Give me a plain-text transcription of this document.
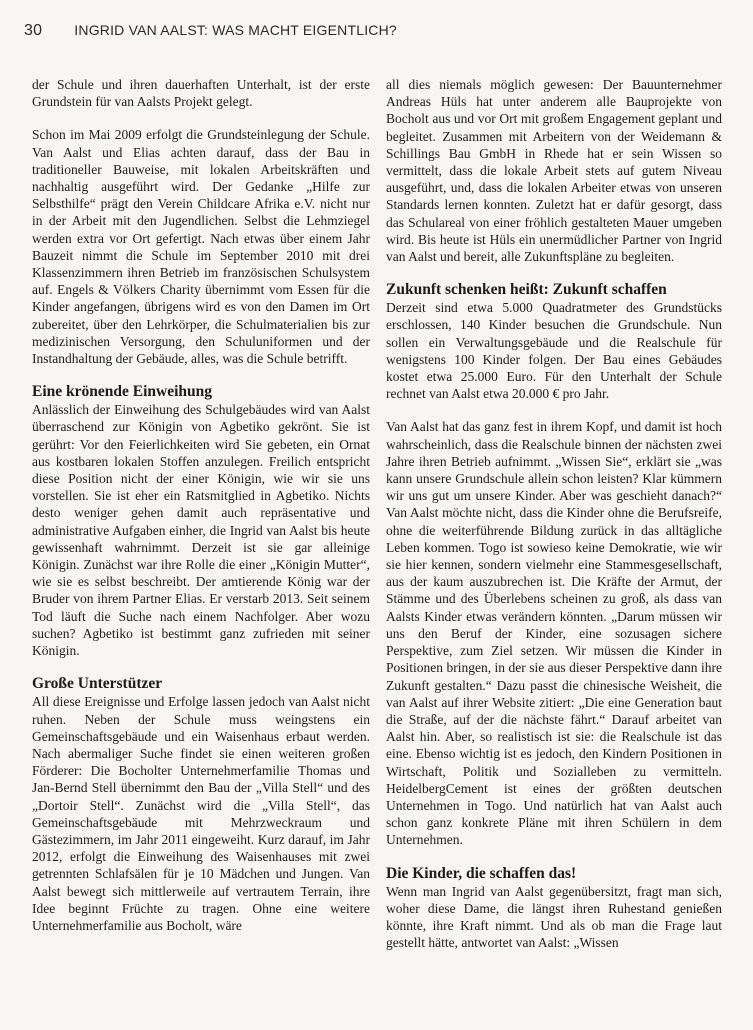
30 INGRID VAN AALST: WAS MACHT EIGENTLICH?

der Schule und ihren dauerhaften Unterhalt, ist der erste Grundstein für van Aalsts Projekt gelegt.

Schon im Mai 2009 erfolgt die Grundsteinlegung der Schule. Van Aalst und Elias achten darauf, dass der Bau in traditioneller Bauweise, mit lokalen Arbeitskräften und nachhaltig ausgeführt wird. Der Gedanke „Hilfe zur Selbsthilfe“ prägt den Verein Childcare Afrika e.V. nicht nur in der Arbeit mit den Jugendlichen. Selbst die Lehmziegel werden extra vor Ort gefertigt. Nach etwas über einem Jahr Bauzeit nimmt die Schule im September 2010 mit drei Klassenzimmern ihren Betrieb im französischen Schulsystem auf. Engels & Völkers Charity übernimmt vom Essen für die Kinder angefangen, übrigens wird es von den Damen im Ort zubereitet, über den Lehrkörper, die Schulmaterialien bis zur medizinischen Versorgung, den Schuluniformen und der Instandhaltung der Gebäude, alles, was die Schule betrifft.

Eine krönende Einweihung

Anlässlich der Einweihung des Schulgebäudes wird van Aalst überraschend zur Königin von Agbetiko gekrönt. Sie ist gerührt: Vor den Feierlichkeiten wird Sie gebeten, ein Ornat aus kostbaren lokalen Stoffen anzulegen. Freilich entspricht diese Position nicht der einer Königin, wie wir sie uns vorstellen. Sie ist eher ein Ratsmitglied in Agbetiko. Nichts desto weniger gehen damit auch repräsentative und administrative Aufgaben einher, die Ingrid van Aalst bis heute gewissenhaft wahrnimmt. Derzeit ist sie gar alleinige Königin. Zunächst war ihre Rolle die einer „Königin Mutter“, wie sie es selbst beschreibt. Der amtierende König war der Bruder von ihrem Partner Elias. Er verstarb 2013. Seit seinem Tod läuft die Suche nach einem Nachfolger. Aber wozu suchen? Agbetiko ist bestimmt ganz zufrieden mit seiner Königin.

Große Unterstützer

All diese Ereignisse und Erfolge lassen jedoch van Aalst nicht ruhen. Neben der Schule muss weingstens ein Gemeinschaftsgebäude und ein Waisenhaus erbaut werden. Nach abermaliger Suche findet sie einen weiteren großen Förderer: Die Bocholter Unternehmerfamilie Thomas und Jan-Bernd Stell übernimmt den Bau der „Villa Stell“ und des „Dortoir Stell“. Zunächst wird die „Villa Stell“, das Gemeinschaftsgebäude mit Mehrzweckraum und Gästezimmern, im Jahr 2011 eingeweiht. Kurz darauf, im Jahr 2012, erfolgt die Einweihung des Waisenhauses mit zwei getrennten Schlafsälen für je 10 Mädchen und Jungen. Van Aalst bewegt sich mittlerweile auf vertrautem Terrain, ihre Idee beginnt Früchte zu tragen. Ohne eine weitere Unternehmerfamilie aus Bocholt, wäre

all dies niemals möglich gewesen: Der Bauunternehmer Andreas Hüls hat unter anderem alle Bauprojekte von Bocholt aus und vor Ort mit großem Engagement geplant und begleitet. Zusammen mit Arbeitern von der Weidemann & Schillings Bau GmbH in Rhede hat er sein Wissen so vermittelt, dass die lokale Arbeit stets auf gutem Niveau ausgeführt, und, dass die lokalen Arbeiter etwas von unseren Standards lernen konnten. Zuletzt hat er dafür gesorgt, dass das Schulareal von einer fröhlich gestalteten Mauer umgeben wird. Bis heute ist Hüls ein unermüdlicher Partner von Ingrid van Aalst und bereit, alle Zukunftspläne zu begleiten.

Zukunft schenken heißt: Zukunft schaffen

Derzeit sind etwa 5.000 Quadratmeter des Grundstücks erschlossen, 140 Kinder besuchen die Grundschule. Nun sollen ein Verwaltungsgebäude und die Realschule für wenigstens 100 Kinder folgen. Der Bau eines Gebäudes kostet etwa 25.000 Euro. Für den Unterhalt der Schule rechnet van Aalst etwa 20.000 € pro Jahr.

Van Aalst hat das ganz fest in ihrem Kopf, und damit ist hoch wahrscheinlich, dass die Realschule binnen der nächsten zwei Jahre ihren Betrieb aufnimmt. „Wissen Sie“, erklärt sie „was kann unsere Grundschule allein schon leisten? Klar kümmern wir uns gut um unsere Kinder. Aber was geschieht danach?“ Van Aalst möchte nicht, dass die Kinder ohne die Berufsreife, ohne die weiterführende Bildung zurück in das alltägliche Leben kommen. Togo ist sowieso keine Demokratie, wie wir sie hier kennen, sondern vielmehr eine Stammesgesellschaft, aus der kaum auszubrechen ist. Die Kräfte der Armut, der Stämme und des Überlebens scheinen zu groß, als dass van Aalsts Kinder etwas verändern könnten. „Darum müssen wir uns den Beruf der Kinder, eine sozusagen sichere Perspektive, zum Ziel setzen. Wir müssen die Kinder in Positionen bringen, in der sie aus dieser Perspektive dann ihre Zukunft gestalten.“ Dazu passt die chinesische Weisheit, die van Aalst auf ihrer Website zitiert: „Die eine Generation baut die Straße, auf der die nächste fährt.“ Darauf arbeitet van Aalst hin. Aber, so realistisch ist sie: die Realschule ist das eine. Ebenso wichtig ist es jedoch, den Kindern Positionen in Wirtschaft, Politik und Sozialleben zu vermitteln. HeidelbergCement ist eines der größten deutschen Unternehmen in Togo. Und natürlich hat van Aalst auch schon ganz konkrete Pläne mit ihren Schülern in dem Unternehmen.

Die Kinder, die schaffen das!

Wenn man Ingrid van Aalst gegenübersitzt, fragt man sich, woher diese Dame, die längst ihren Ruhestand genießen könnte, ihre Kraft nimmt. Und als ob man die Frage laut gestellt hätte, antwortet van Aalst: „Wissen
